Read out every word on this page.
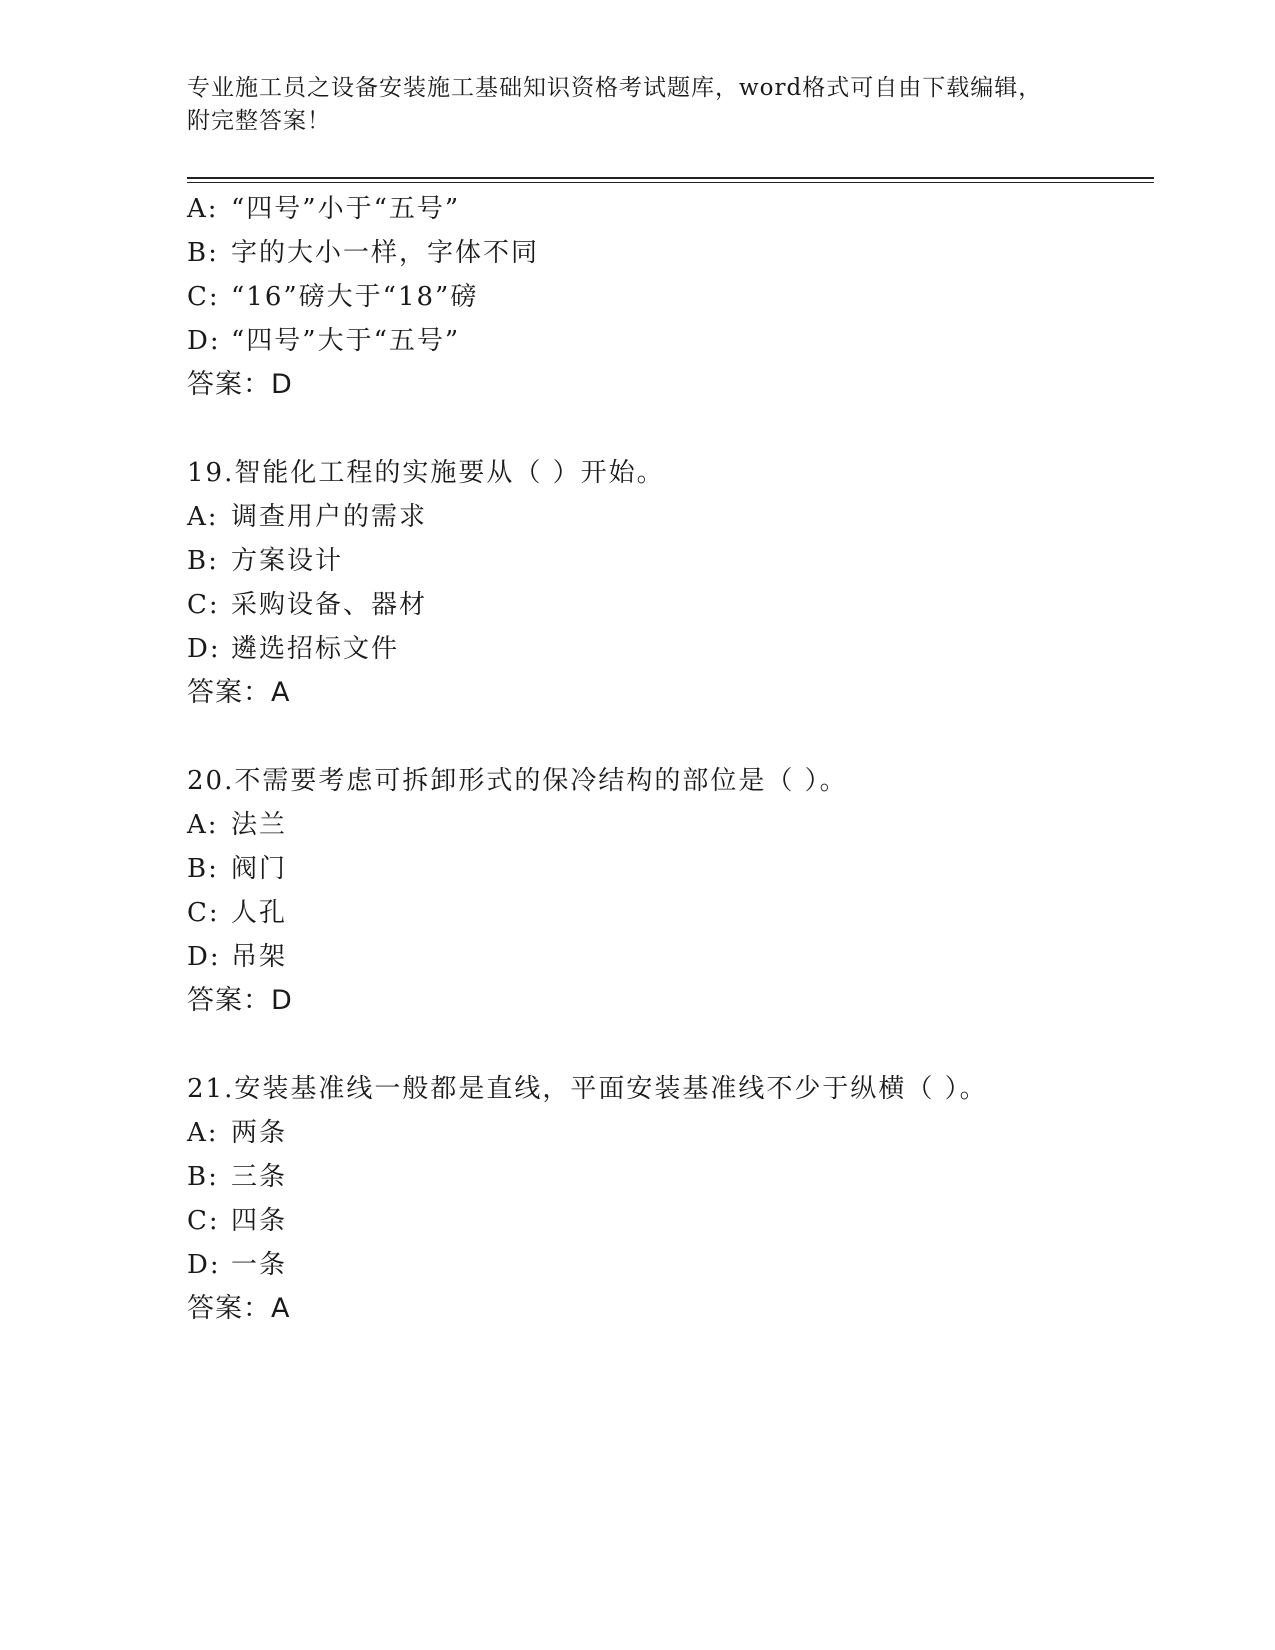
专业施工员之设备安装施工基础知识资格考试题库，word格式可自由下载编辑，
附完整答案！
A: “四号”小于“五号”
B: 字的大小一样，字体不同
C: “16”磅大于“18”磅
D: “四号”大于“五号”
答案：D
19.智能化工程的实施要从（ ）开始。
A: 调查用户的需求
B: 方案设计
C: 采购设备、器材
D: 遴选招标文件
答案：A
20.不需要考虑可拆卸形式的保冷结构的部位是（ ）。
A: 法兰
B: 阀门
C: 人孔
D: 吊架
答案：D
21.安装基准线一般都是直线，平面安装基准线不少于纵横（ ）。
A: 两条
B: 三条
C: 四条
D: 一条
答案：A
